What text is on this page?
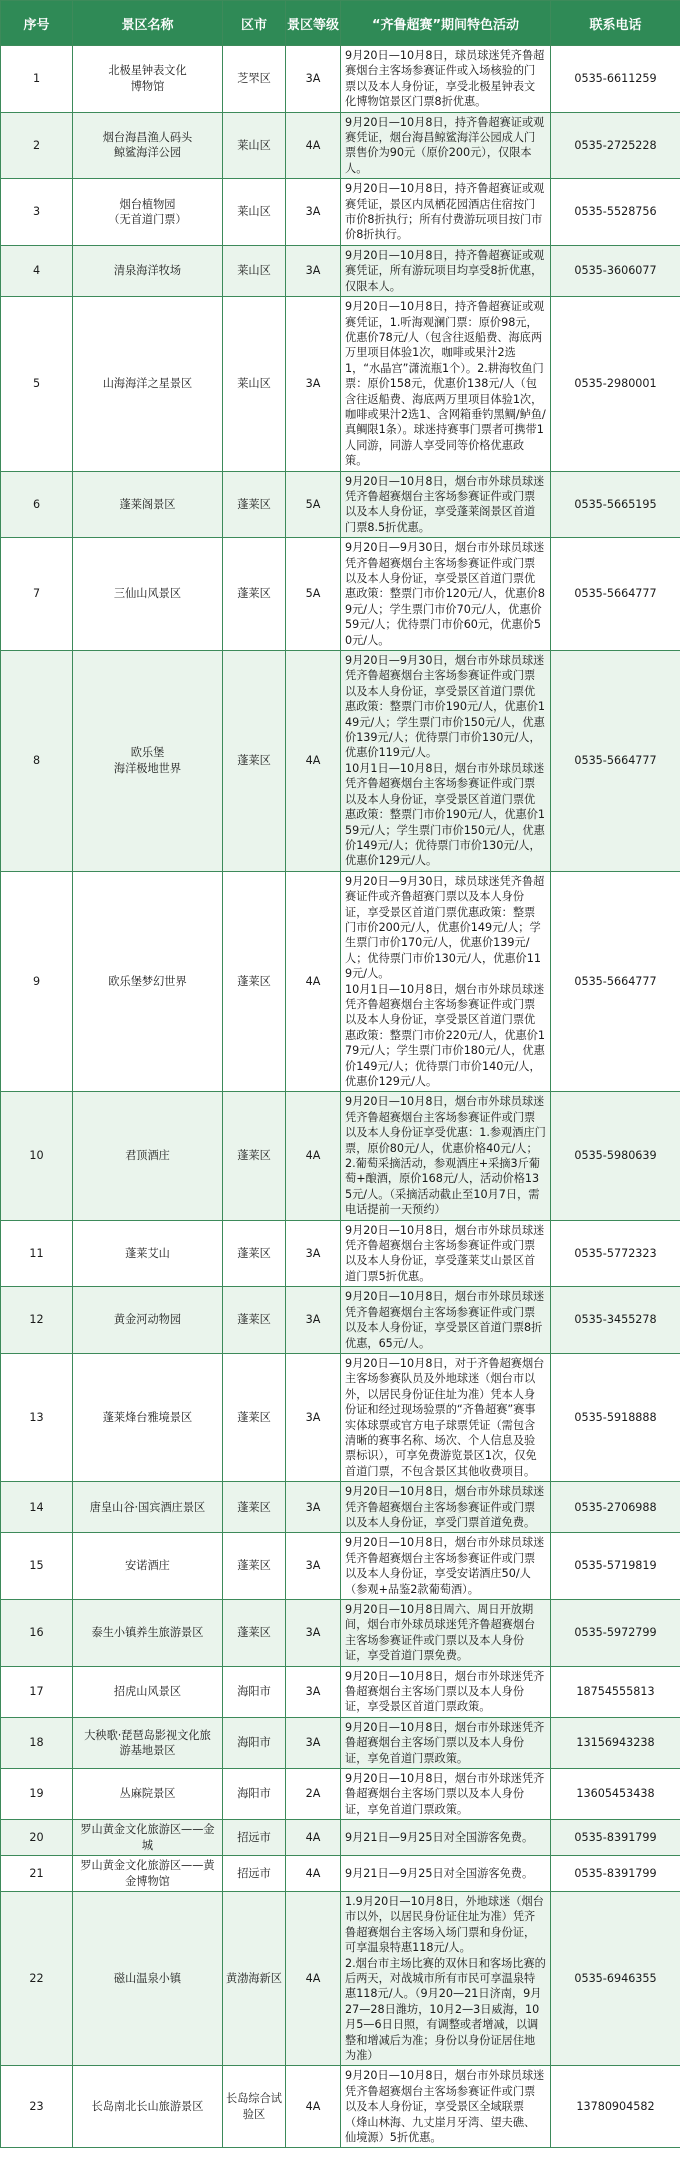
序号	景区名称	区市	景区等级	“齐鲁超赛”期间特色活动	联系电话
1	北极星钟表文化
博物馆	芝罘区	3A	9月20日—10月8日，球员球迷凭齐鲁超赛烟台主客场参赛证件或入场核验的门票以及本人身份证，享受北极星钟表文化博物馆景区门票8折优惠。	0535-6611259
2	烟台海昌渔人码头
鲸鲨海洋公园	莱山区	4A	9月20日—10月8日，持齐鲁超赛证或观赛凭证，烟台海昌鲸鲨海洋公园成人门票售价为90元（原价200元），仅限本人。	0535-2725228
3	烟台植物园
（无首道门票）	莱山区	3A	9月20日—10月8日，持齐鲁超赛证或观赛凭证，景区内凤栖花园酒店住宿按门市价8折执行；所有付费游玩项目按门市价8折执行。	0535-5528756
4	清泉海洋牧场	莱山区	3A	9月20日—10月8日，持齐鲁超赛证或观赛凭证，所有游玩项目均享受8折优惠，仅限本人。	0535-3606077
5	山海海洋之星景区	莱山区	3A	9月20日—10月8日，持齐鲁超赛证或观赛凭证，1.听海观澜门票：原价98元，优惠价78元/人（包含往返船费、海底两万里项目体验1次，咖啡或果汁2选1，“水晶宫”潇流瓶1个）。2.耕海牧鱼门票：原价158元，优惠价138元/人（包含往返船费、海底两万里项目体验1次，咖啡或果汁2选1、含网箱垂钓黑鲷/鲈鱼/真鲷限1条）。球迷持赛事门票者可携带1人同游，同游人享受同等价格优惠政策。	0535-2980001
6	蓬莱阁景区	蓬莱区	5A	9月20日—10月8日，烟台市外球员球迷凭齐鲁超赛烟台主客场参赛证件或门票以及本人身份证，享受蓬莱阁景区首道门票8.5折优惠。	0535-5665195
7	三仙山风景区	蓬莱区	5A	9月20日—9月30日，烟台市外球员球迷凭齐鲁超赛烟台主客场参赛证件或门票以及本人身份证，享受景区首道门票优惠政策：整票门市价120元/人，优惠价89元/人；学生票门市价70元/人，优惠价59元/人；优待票门市价60元，优惠价50元/人。	0535-5664777
8	欧乐堡
海洋极地世界	蓬莱区	4A	9月20日—9月30日，烟台市外球员球迷凭齐鲁超赛烟台主客场参赛证件或门票以及本人身份证，享受景区首道门票优惠政策：整票门市价190元/人，优惠价149元/人；学生票门市价150元/人，优惠价139元/人；优待票门市价130元/人，优惠价119元/人。
10月1日—10月8日，烟台市外球员球迷凭齐鲁超赛烟台主客场参赛证件或门票以及本人身份证，享受景区首道门票优惠政策：整票门市价190元/人，优惠价159元/人；学生票门市价150元/人，优惠价149元/人；优待票门市价130元/人，优惠价129元/人。	0535-5664777
9	欧乐堡梦幻世界	蓬莱区	4A	9月20日—9月30日，球员球迷凭齐鲁超赛证件或齐鲁超赛门票以及本人身份证，享受景区首道门票优惠政策：整票门市价200元/人，优惠价149元/人；学生票门市价170元/人，优惠价139元/人；优待票门市价130元/人，优惠价119元/人。
10月1日—10月8日，烟台市外球员球迷凭齐鲁超赛烟台主客场参赛证件或门票以及本人身份证，享受景区首道门票优惠政策：整票门市价220元/人，优惠价179元/人；学生票门市价180元/人，优惠价149元/人；优待票门市价140元/人，优惠价129元/人。	0535-5664777
10	君顶酒庄	蓬莱区	4A	9月20日—10月8日，烟台市外球员球迷凭齐鲁超赛烟台主客场参赛证件或门票以及本人身份证享受优惠：1.参观酒庄门票，原价80元/人，优惠价格40元/人；2.葡萄采摘活动，参观酒庄+采摘3斤葡萄+酿酒，原价168元/人，活动价格135元/人。（采摘活动截止至10月7日，需电话提前一天预约）	0535-5980639
11	蓬莱艾山	蓬莱区	3A	9月20日—10月8日，烟台市外球员球迷凭齐鲁超赛烟台主客场参赛证件或门票以及本人身份证，享受蓬莱艾山景区首道门票5折优惠。	0535-5772323
12	黄金河动物园	蓬莱区	3A	9月20日—10月8日，烟台市外球员球迷凭齐鲁超赛烟台主客场参赛证件或门票以及本人身份证，享受景区首道门票8折优惠，65元/人。	0535-3455278
13	蓬莱烽台雅境景区	蓬莱区	3A	9月20日—10月8日，对于齐鲁超赛烟台主客场参赛队员及外地球迷（烟台市以外，以居民身份证住址为准）凭本人身份证和经过现场验票的“齐鲁超赛”赛事实体球票或官方电子球票凭证（需包含清晰的赛事名称、场次、个人信息及验票标识），可享免费游览景区1次，仅免首道门票，不包含景区其他收费项目。	0535-5918888
14	唐皇山谷·国宾酒庄景区	蓬莱区	3A	9月20日—10月8日，烟台市外球员球迷凭齐鲁超赛烟台主客场参赛证件或门票以及本人身份证，享受门票首道免费。	0535-2706988
15	安诺酒庄	蓬莱区	3A	9月20日—10月8日，烟台市外球员球迷凭齐鲁超赛烟台主客场参赛证件或门票以及本人身份证，享受安诺酒庄50/人（参观+品鉴2款葡萄酒）。	0535-5719819
16	泰生小镇养生旅游景区	蓬莱区	3A	9月20日—10月8日周六、周日开放期间，烟台市外球员球迷凭齐鲁超赛烟台主客场参赛证件或门票以及本人身份证，享受首道门票免费。	0535-5972799
17	招虎山风景区	海阳市	3A	9月20日—10月8日，烟台市外球迷凭齐鲁超赛烟台主客场门票以及本人身份证，享受景区首道门票政策。	18754555813
18	大秧歌·琵琶岛影视文化旅游基地景区	海阳市	3A	9月20日—10月8日，烟台市外球迷凭齐鲁超赛烟台主客场门票以及本人身份证，享免首道门票政策。	13156943238
19	丛麻院景区	海阳市	2A	9月20日—10月8日，烟台市外球迷凭齐鲁超赛烟台主客场门票以及本人身份证，享免首道门票政策。	13605453438
20	罗山黄金文化旅游区——金城	招远市	4A	9月21日—9月25日对全国游客免费。	0535-8391799
21	罗山黄金文化旅游区——黄金博物馆	招远市	4A	9月21日—9月25日对全国游客免费。	0535-8391799
22	磁山温泉小镇	黄渤海新区	4A	1.9月20日—10月8日，外地球迷（烟台市以外，以居民身份证住址为准）凭齐鲁超赛烟台主客场入场门票和身份证，可享温泉特惠118元/人。
2.烟台市主场比赛的双休日和客场比赛的后两天，对战城市所有市民可享温泉特惠118元/人。（9月20—21日济南，9月27—28日潍坊，10月2—3日威海，10月5—6日日照，有调整或者增减，以调整和增减后为准；身份以身份证居住地为准）	0535-6946355
23	长岛南北长山旅游景区	长岛综合试验区	4A	9月20日—10月8日，烟台市外球员球迷凭齐鲁超赛烟台主客场参赛证件或门票以及本人身份证，享受景区全域联票（烽山林海、九丈崖月牙湾、望夫礁、仙境源）5折优惠。	13780904582
